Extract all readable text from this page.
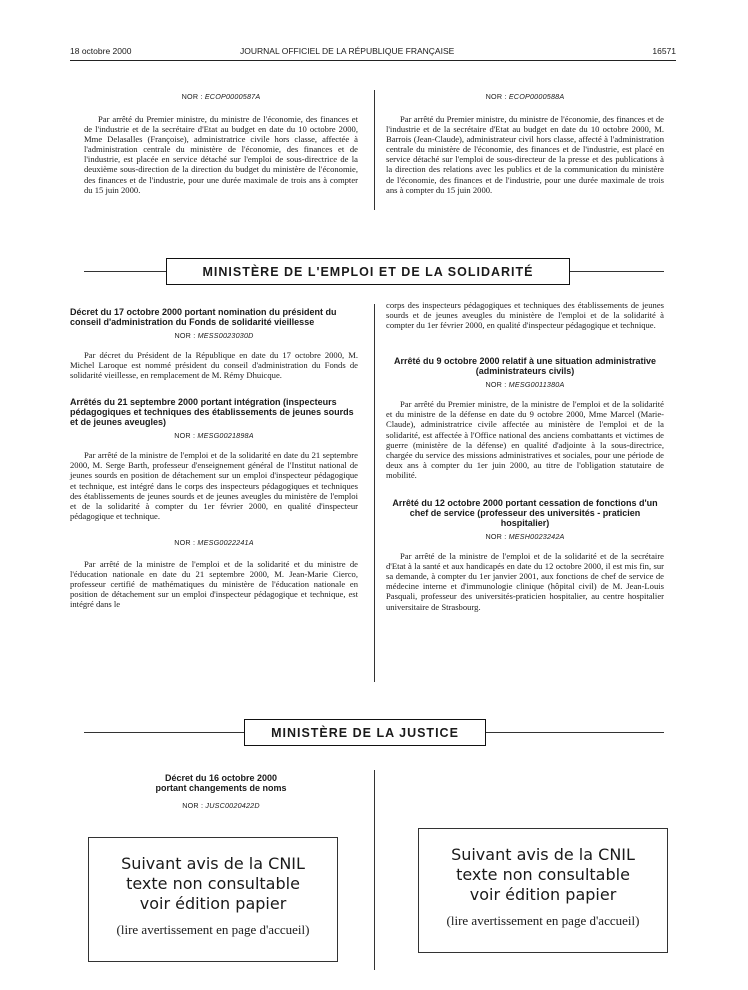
18 octobre 2000	JOURNAL OFFICIEL DE LA RÉPUBLIQUE FRANÇAISE	16571
NOR : ECOP0000587A

Par arrêté du Premier ministre, du ministre de l'économie, des finances et de l'industrie et de la secrétaire d'Etat au budget en date du 10 octobre 2000, Mme Delasalles (Françoise), administratrice civile hors classe, affectée à l'administration centrale du ministère de l'économie, des finances et de l'industrie, est placée en service détaché sur l'emploi de sous-directrice de la deuxième sous-direction de la direction du budget du ministère de l'économie, des finances et de l'industrie, pour une durée maximale de trois ans à compter du 15 juin 2000.

NOR : ECOP0000588A

Par arrêté du Premier ministre, du ministre de l'économie, des finances et de l'industrie et de la secrétaire d'Etat au budget en date du 10 octobre 2000, M. Barrois (Jean-Claude), administrateur civil hors classe, affecté à l'administration centrale du ministère de l'économie, des finances et de l'industrie, est placé en service détaché sur l'emploi de sous-directeur de la presse et des publications à la direction des relations avec les publics et de la communication du ministère de l'économie, des finances et de l'industrie, pour une durée maximale de trois ans à compter du 15 juin 2000.

MINISTÈRE DE L'EMPLOI ET DE LA SOLIDARITÉ
Décret du 17 octobre 2000 portant nomination du président du conseil d'administration du Fonds de solidarité vieillesse
NOR : MESS0023030D

Par décret du Président de la République en date du 17 octobre 2000, M. Michel Laroque est nommé président du conseil d'administration du Fonds de solidarité vieillesse, en remplacement de M. Rémy Dhuicque.

Arrêtés du 21 septembre 2000 portant intégration (inspecteurs pédagogiques et techniques des établissements de jeunes sourds et de jeunes aveugles)
NOR : MESG0021898A

Par arrêté de la ministre de l'emploi et de la solidarité en date du 21 septembre 2000, M. Serge Barth, professeur d'enseignement général de l'Institut national de jeunes sourds en position de détachement sur un emploi d'inspecteur pédagogique et technique, est intégré dans le corps des inspecteurs pédagogiques et techniques des établissements de jeunes sourds et de jeunes aveugles du ministère de l'emploi et de la solidarité à compter du 1er février 2000, en qualité d'inspecteur pédagogique et technique.

NOR : MESG0022241A

Par arrêté de la ministre de l'emploi et de la solidarité et du ministre de l'éducation nationale en date du 21 septembre 2000, M. Jean-Marie Cierco, professeur certifié de mathématiques du ministère de l'éducation nationale en position de détachement sur un emploi d'inspecteur pédagogique et technique, est intégré dans le

corps des inspecteurs pédagogiques et techniques des établissements de jeunes sourds et de jeunes aveugles du ministère de l'emploi et de la solidarité à compter du 1er février 2000, en qualité d'inspecteur pédagogique et technique.

Arrêté du 9 octobre 2000 relatif à une situation administrative (administrateurs civils)
NOR : MESG0011380A

Par arrêté du Premier ministre, de la ministre de l'emploi et de la solidarité et du ministre de la défense en date du 9 octobre 2000, Mme Marcel (Marie-Claude), administratrice civile affectée au ministère de l'emploi et de la solidarité, est affectée à l'Office national des anciens combattants et victimes de guerre (ministère de la défense) en qualité d'adjointe à la sous-directrice, chargée du service des missions administratives et sociales, pour une période de deux ans à compter du 1er juin 2000, au titre de l'obligation statutaire de mobilité.

Arrêté du 12 octobre 2000 portant cessation de fonctions d'un chef de service (professeur des universités - praticien hospitalier)
NOR : MESH0023242A

Par arrêté de la ministre de l'emploi et de la solidarité et de la secrétaire d'Etat à la santé et aux handicapés en date du 12 octobre 2000, il est mis fin, sur sa demande, à compter du 1er janvier 2001, aux fonctions de chef de service de médecine interne et d'immunologie clinique (hôpital civil) de M. Jean-Louis Pasquali, professeur des universités-praticien hospitalier, au centre hospitalier universitaire de Strasbourg.

MINISTÈRE DE LA JUSTICE
Décret du 16 octobre 2000
portant changements de noms
NOR : JUSC0020422D
Suivant avis de la CNIL
texte non consultable
voir édition papier
(lire avertissement en page d'accueil)
Suivant avis de la CNIL
texte non consultable
voir édition papier
(lire avertissement en page d'accueil)
